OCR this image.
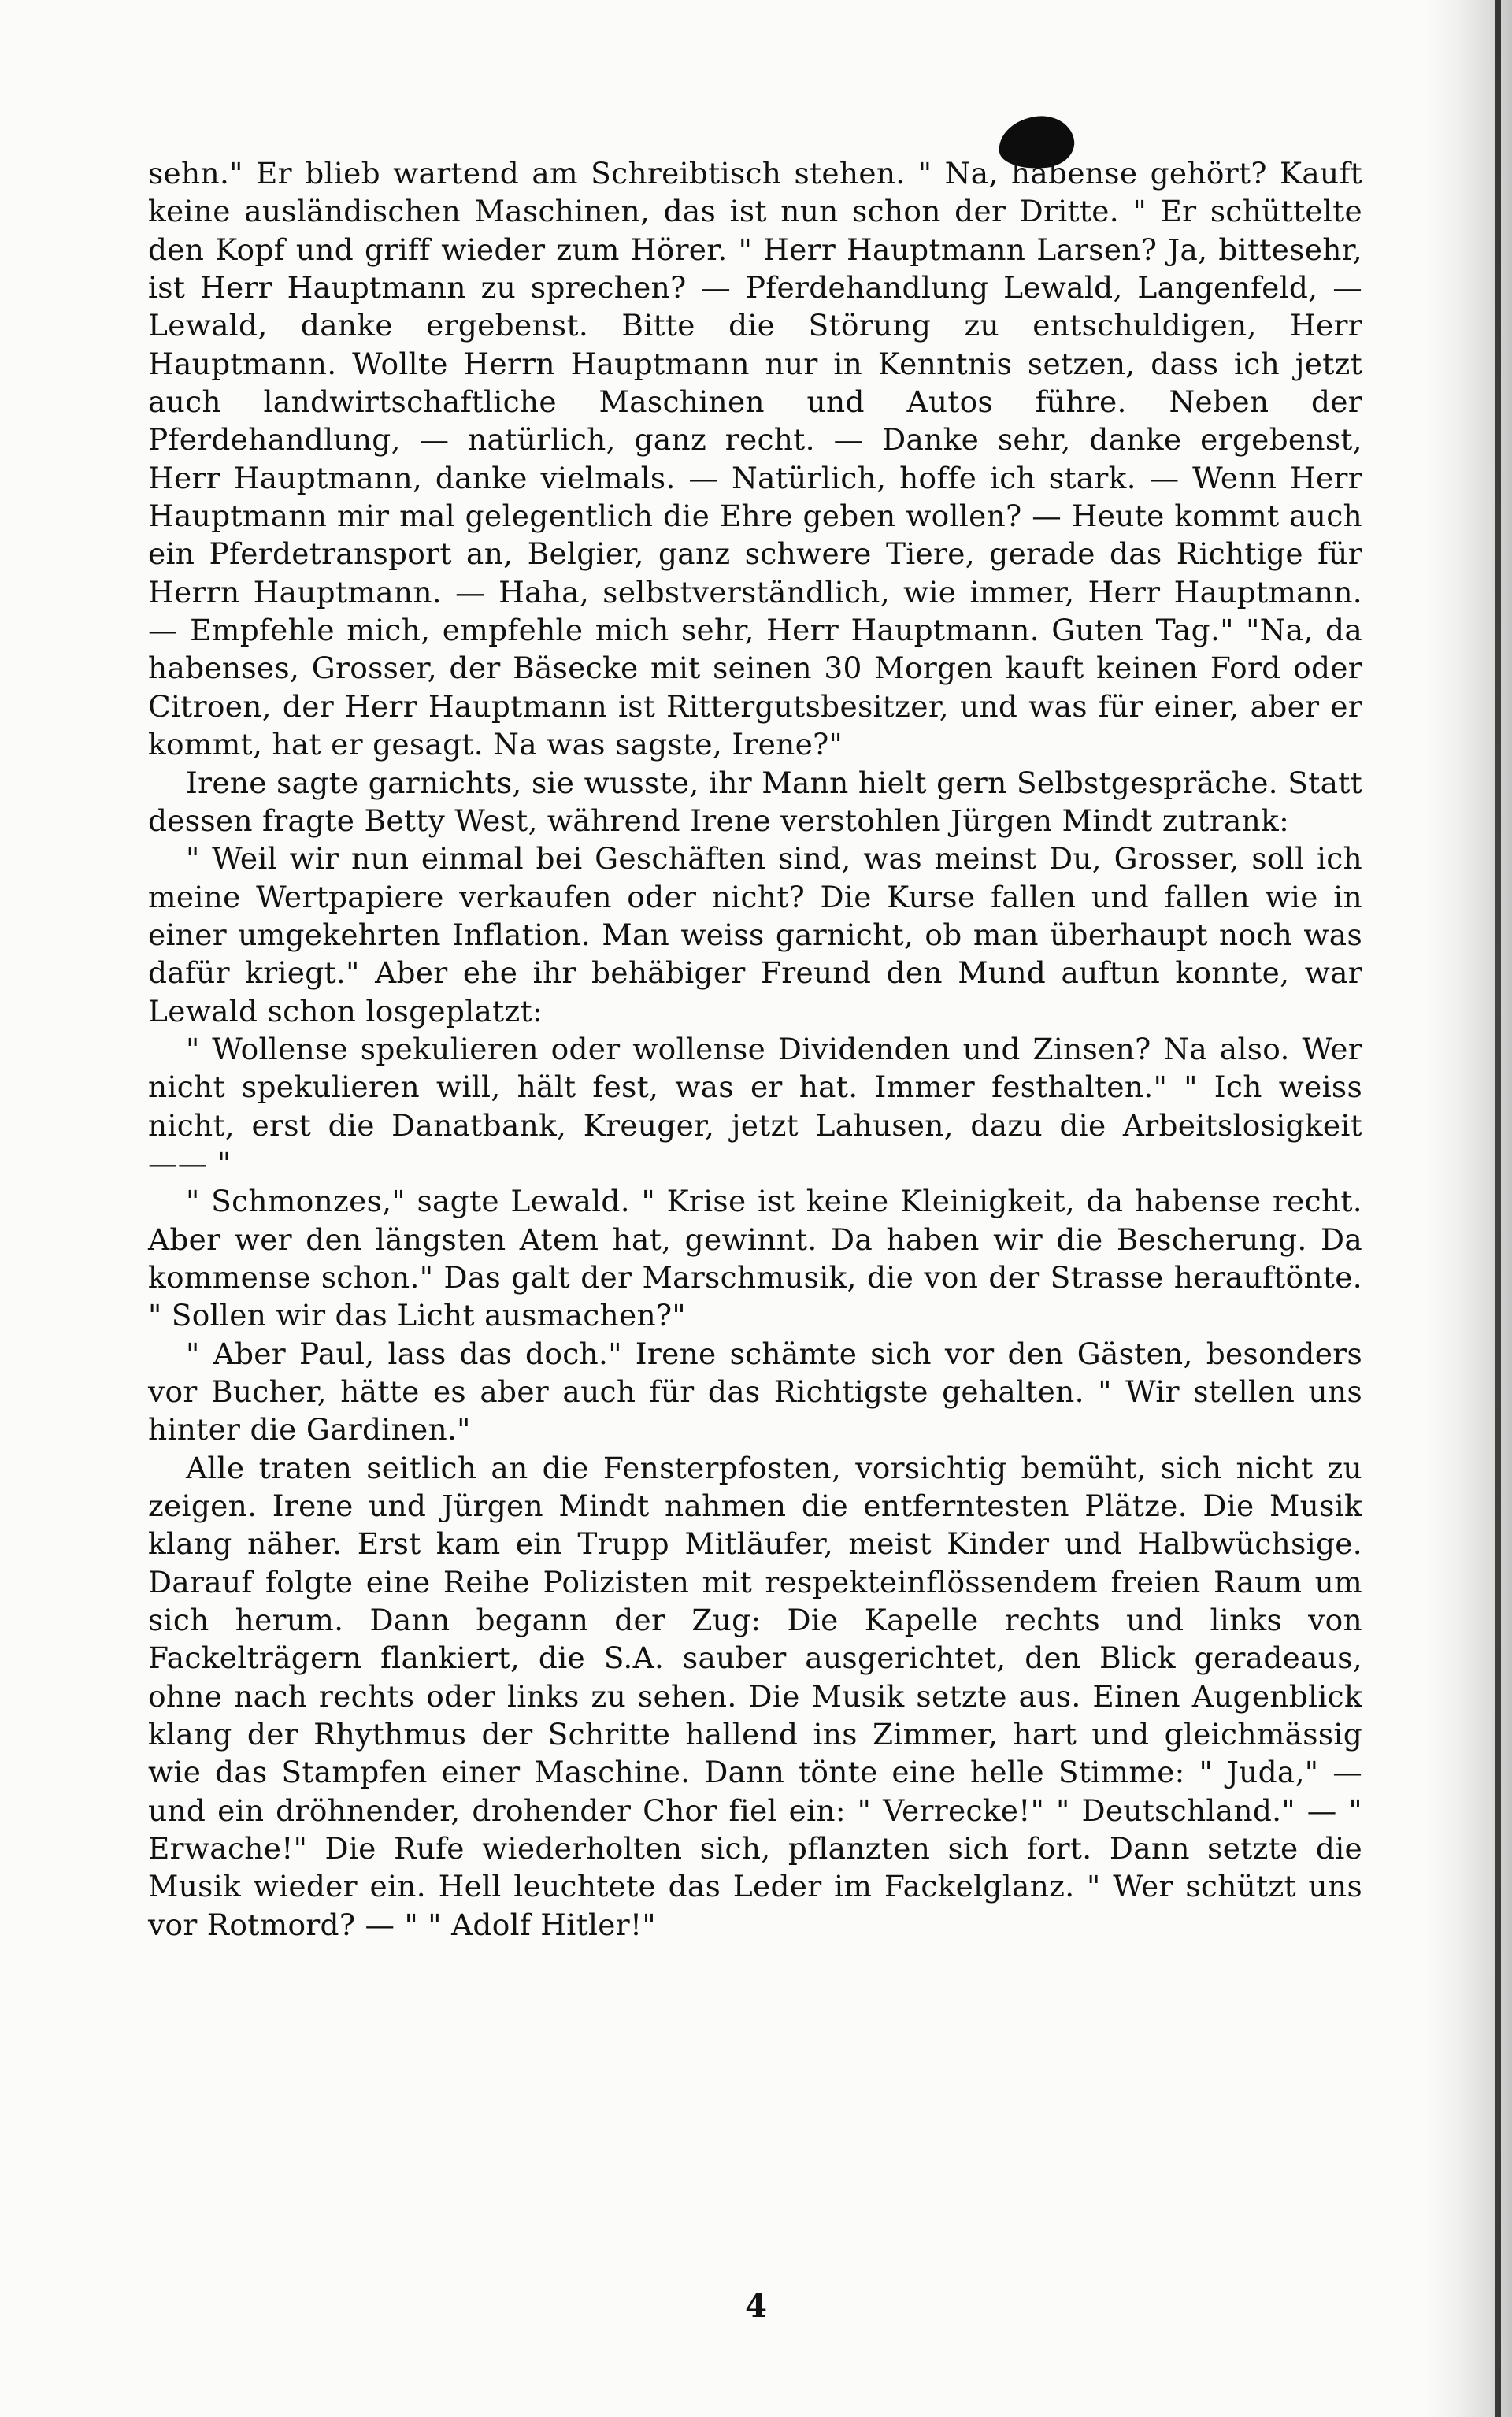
sehn." Er blieb wartend am Schreibtisch stehen. " Na, habense gehört? Kauft keine ausländischen Maschinen, das ist nun schon der Dritte. " Er schüttelte den Kopf und griff wieder zum Hörer. " Herr Hauptmann Larsen? Ja, bittesehr, ist Herr Hauptmann zu sprechen? — Pferdehandlung Lewald, Langenfeld, — Lewald, danke ergebenst. Bitte die Störung zu entschuldigen, Herr Hauptmann. Wollte Herrn Hauptmann nur in Kenntnis setzen, dass ich jetzt auch landwirtschaftliche Maschinen und Autos führe. Neben der Pferdehandlung, — natürlich, ganz recht. — Danke sehr, danke ergebenst, Herr Hauptmann, danke vielmals. — Natürlich, hoffe ich stark. — Wenn Herr Hauptmann mir mal gelegentlich die Ehre geben wollen? — Heute kommt auch ein Pferdetransport an, Belgier, ganz schwere Tiere, gerade das Richtige für Herrn Hauptmann. — Haha, selbstverständlich, wie immer, Herr Hauptmann. — Empfehle mich, empfehle mich sehr, Herr Hauptmann. Guten Tag." "Na, da habenses, Grosser, der Bäsecke mit seinen 30 Morgen kauft keinen Ford oder Citroen, der Herr Hauptmann ist Rittergutsbesitzer, und was für einer, aber er kommt, hat er gesagt. Na was sagste, Irene?"

Irene sagte garnichts, sie wusste, ihr Mann hielt gern Selbstgespräche. Statt dessen fragte Betty West, während Irene verstohlen Jürgen Mindt zutrank:

" Weil wir nun einmal bei Geschäften sind, was meinst Du, Grosser, soll ich meine Wertpapiere verkaufen oder nicht? Die Kurse fallen und fallen wie in einer umgekehrten Inflation. Man weiss garnicht, ob man überhaupt noch was dafür kriegt." Aber ehe ihr behäbiger Freund den Mund auftun konnte, war Lewald schon losgeplatzt:

" Wollense spekulieren oder wollense Dividenden und Zinsen? Na also. Wer nicht spekulieren will, hält fest, was er hat. Immer festhalten." " Ich weiss nicht, erst die Danatbank, Kreuger, jetzt Lahusen, dazu die Arbeitslosigkeit —— "

" Schmonzes," sagte Lewald. " Krise ist keine Kleinigkeit, da habense recht. Aber wer den längsten Atem hat, gewinnt. Da haben wir die Bescherung. Da kommense schon." Das galt der Marschmusik, die von der Strasse herauftönte. " Sollen wir das Licht ausmachen?"

" Aber Paul, lass das doch." Irene schämte sich vor den Gästen, besonders vor Bucher, hätte es aber auch für das Richtigste gehalten. " Wir stellen uns hinter die Gardinen."

Alle traten seitlich an die Fensterpfosten, vorsichtig bemüht, sich nicht zu zeigen. Irene und Jürgen Mindt nahmen die entferntesten Plätze. Die Musik klang näher. Erst kam ein Trupp Mitläufer, meist Kinder und Halbwüchsige. Darauf folgte eine Reihe Polizisten mit respekteinflössendem freien Raum um sich herum. Dann begann der Zug: Die Kapelle rechts und links von Fackelträgern flankiert, die S.A. sauber ausgerichtet, den Blick geradeaus, ohne nach rechts oder links zu sehen. Die Musik setzte aus. Einen Augenblick klang der Rhythmus der Schritte hallend ins Zimmer, hart und gleichmässig wie das Stampfen einer Maschine. Dann tönte eine helle Stimme: " Juda," — und ein dröhnender, drohender Chor fiel ein: " Verrecke!" " Deutschland." — " Erwache!" Die Rufe wiederholten sich, pflanzten sich fort. Dann setzte die Musik wieder ein. Hell leuchtete das Leder im Fackelglanz. " Wer schützt uns vor Rotmord? — " " Adolf Hitler!"

4
